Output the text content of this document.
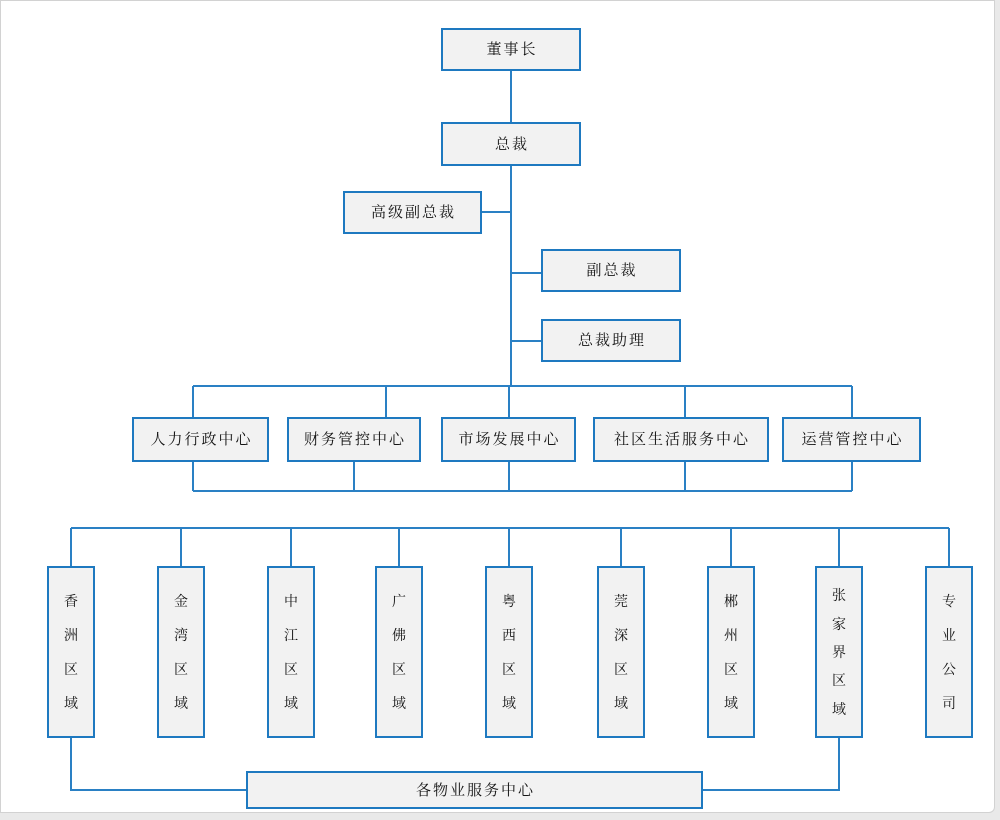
董事长
总裁
高级副总裁
副总裁
总裁助理
人力行政中心	财务管控中心	市场发展中心	社区生活服务中心	运营管控中心
香
洲
区
域
金
湾
区
域
中
江
区
域
广
佛
区
域
粤
西
区
域
莞
深
区
域
郴
州
区
域
张
家
界
区
域
专
业
公
司
各物业服务中心
